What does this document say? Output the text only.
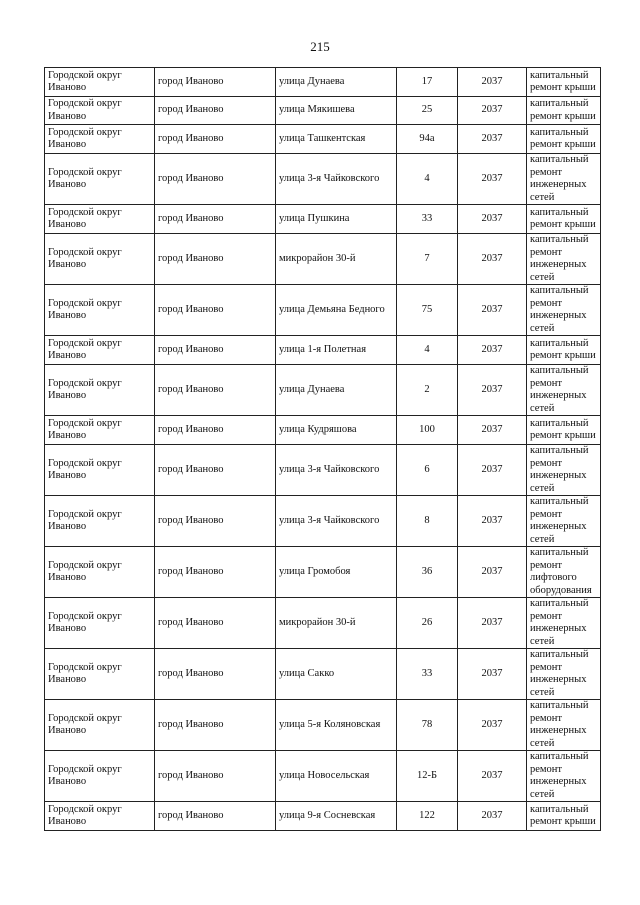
215
Городской округ Иваново	город Иваново	улица Дунаева	17	2037	капитальный ремонт крыши
Городской округ Иваново	город Иваново	улица Мякишева	25	2037	капитальный ремонт крыши
Городской округ Иваново	город Иваново	улица Ташкентская	94а	2037	капитальный ремонт крыши
Городской округ Иваново	город Иваново	улица 3-я Чайковского	4	2037	капитальный ремонт инженерных сетей
Городской округ Иваново	город Иваново	улица Пушкина	33	2037	капитальный ремонт крыши
Городской округ Иваново	город Иваново	микрорайон 30-й	7	2037	капитальный ремонт инженерных сетей
Городской округ Иваново	город Иваново	улица Демьяна Бедного	75	2037	капитальный ремонт инженерных сетей
Городской округ Иваново	город Иваново	улица 1-я Полетная	4	2037	капитальный ремонт крыши
Городской округ Иваново	город Иваново	улица Дунаева	2	2037	капитальный ремонт инженерных сетей
Городской округ Иваново	город Иваново	улица Кудряшова	100	2037	капитальный ремонт крыши
Городской округ Иваново	город Иваново	улица 3-я Чайковского	6	2037	капитальный ремонт инженерных сетей
Городской округ Иваново	город Иваново	улица 3-я Чайковского	8	2037	капитальный ремонт инженерных сетей
Городской округ Иваново	город Иваново	улица Громобоя	36	2037	капитальный ремонт лифтового оборудования
Городской округ Иваново	город Иваново	микрорайон 30-й	26	2037	капитальный ремонт инженерных сетей
Городской округ Иваново	город Иваново	улица Сакко	33	2037	капитальный ремонт инженерных сетей
Городской округ Иваново	город Иваново	улица 5-я Коляновская	78	2037	капитальный ремонт инженерных сетей
Городской округ Иваново	город Иваново	улица Новосельская	12-Б	2037	капитальный ремонт инженерных сетей
Городской округ Иваново	город Иваново	улица 9-я Сосневская	122	2037	капитальный ремонт крыши
